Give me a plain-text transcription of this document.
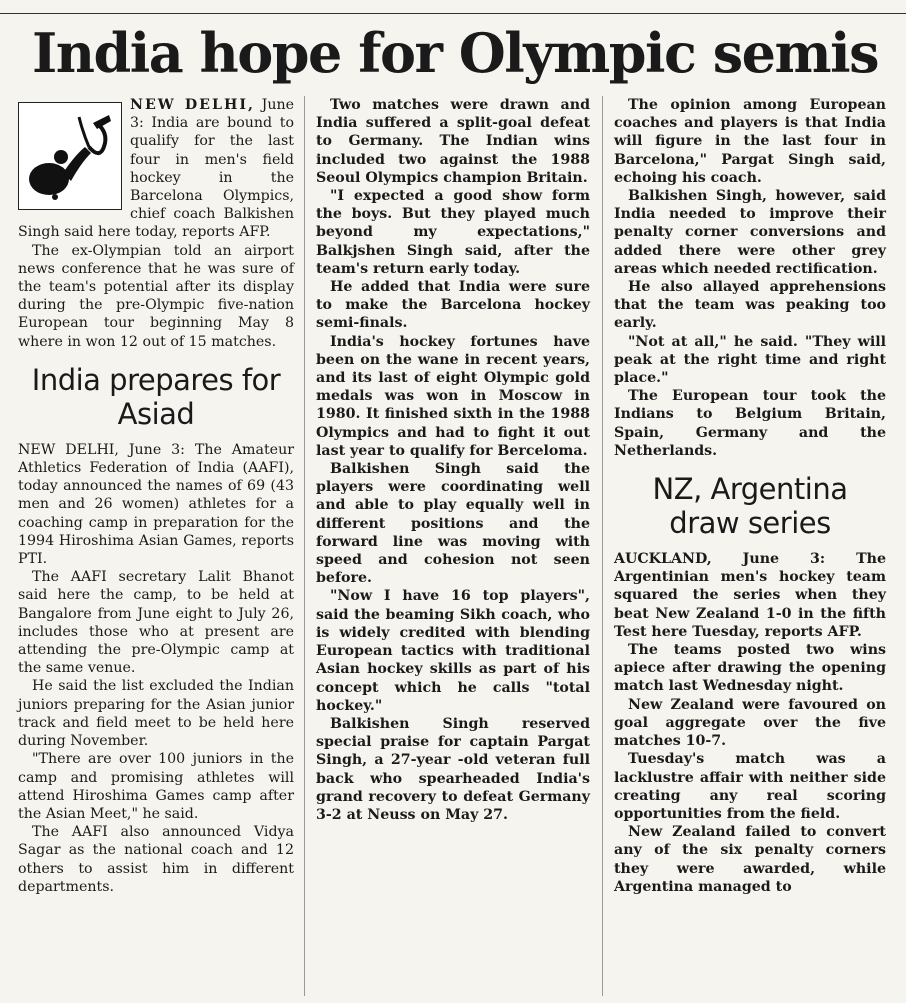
India hope for Olympic semis

NEW DELHI, June 3: India are bound to qualify for the last four in men's field hockey in the Barcelona Olympics, chief coach Balkishen Singh said here today, reports AFP.

The ex-Olympian told an airport news conference that he was sure of the team's potential after its display during the pre-Olympic five-nation European tour beginning May 8 where in won 12 out of 15 matches.

India prepares for Asiad

NEW DELHI, June 3: The Amateur Athletics Federation of India (AAFI), today announced the names of 69 (43 men and 26 women) athletes for a coaching camp in preparation for the 1994 Hiroshima Asian Games, reports PTI.

The AAFI secretary Lalit Bhanot said here the camp, to be held at Bangalore from June eight to July 26, includes those who at present are attending the pre-Olympic camp at the same venue.

He said the list excluded the Indian juniors preparing for the Asian junior track and field meet to be held here during November.

"There are over 100 juniors in the camp and promising athletes will attend Hiroshima Games camp after the Asian Meet," he said.

The AAFI also announced Vidya Sagar as the national coach and 12 others to assist him in different departments.

Two matches were drawn and India suffered a split-goal defeat to Germany. The Indian wins included two against the 1988 Seoul Olympics champion Britain.

"I expected a good show form the boys. But they played much beyond my expectations," Balkjshen Singh said, after the team's return early today.

He added that India were sure to make the Barcelona hockey semi-finals.

India's hockey fortunes have been on the wane in recent years, and its last of eight Olympic gold medals was won in Moscow in 1980. It finished sixth in the 1988 Olympics and had to fight it out last year to qualify for Berceloma.

Balkishen Singh said the players were coordinating well and able to play equally well in different positions and the forward line was moving with speed and cohesion not seen before.

"Now I have 16 top players", said the beaming Sikh coach, who is widely credited with blending European tactics with traditional Asian hockey skills as part of his concept which he calls "total hockey."

Balkishen Singh reserved special praise for captain Pargat Singh, a 27-year -old veteran full back who spearheaded India's grand recovery to defeat Germany 3-2 at Neuss on May 27.

The opinion among European coaches and players is that India will figure in the last four in Barcelona," Pargat Singh said, echoing his coach.

Balkishen Singh, however, said India needed to improve their penalty corner conversions and added there were other grey areas which needed rectification.

He also allayed apprehensions that the team was peaking too early.

"Not at all," he said. "They will peak at the right time and right place."

The European tour took the Indians to Belgium Britain, Spain, Germany and the Netherlands.

NZ, Argentina draw series

AUCKLAND, June 3: The Argentinian men's hockey team squared the series when they beat New Zealand 1-0 in the fifth Test here Tuesday, reports AFP.

The teams posted two wins apiece after drawing the opening match last Wednesday night.

New Zealand were favoured on goal aggregate over the five matches 10-7.

Tuesday's match was a lacklustre affair with neither side creating any real scoring opportunities from the field.

New Zealand failed to convert any of the six penalty corners they were awarded, while Argentina managed to
